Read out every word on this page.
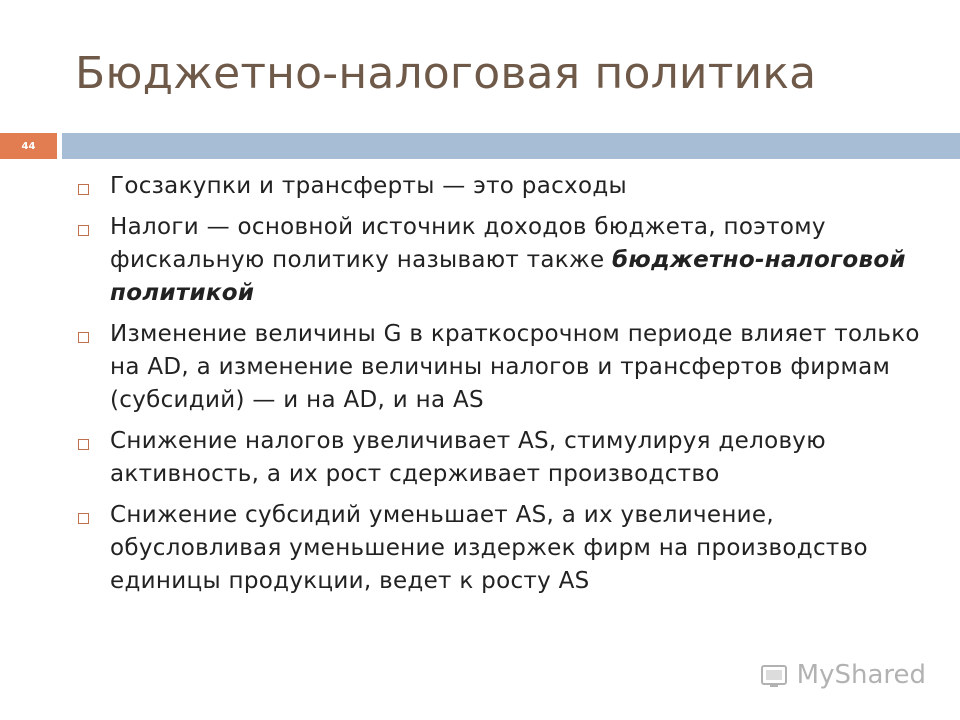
Бюджетно-налоговая политика
44
Госзакупки и трансферты — это расходы
Налоги — основной источник доходов бюджета, поэтому фискальную политику называют также бюджетно-налоговой политикой
Изменение величины G в краткосрочном периоде влияет только на AD, а изменение величины налогов и трансфертов фирмам (субсидий) — и на AD, и на AS
Снижение налогов увеличивает AS, стимулируя деловую активность, а их рост сдерживает производство
Снижение субсидий уменьшает AS, а их увеличение, обусловливая уменьшение издержек фирм на производство единицы продукции, ведет к росту AS
MyShared
